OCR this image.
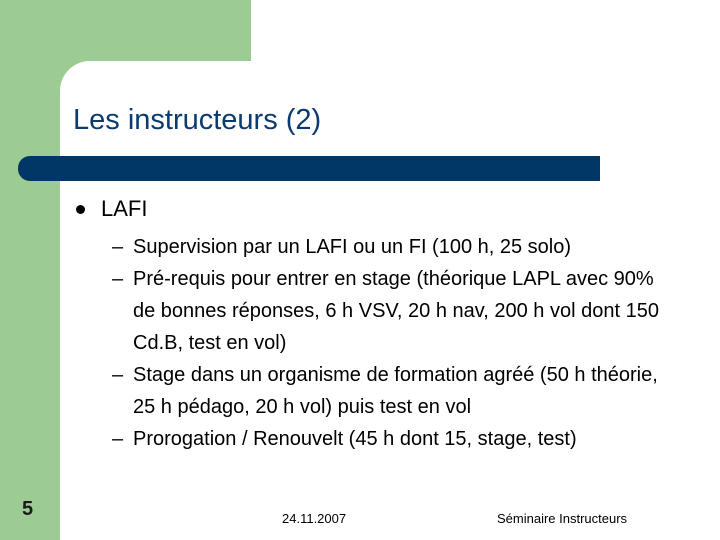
Les instructeurs (2)
LAFI
– Supervision par un LAFI ou un FI (100 h, 25 solo)
– Pré-requis pour entrer en stage (théorique LAPL avec 90% de bonnes réponses, 6 h VSV, 20 h nav, 200 h vol dont 150 Cd.B, test en vol)
– Stage dans un organisme de formation agréé (50 h théorie, 25 h pédago, 20 h vol) puis test en vol
– Prorogation / Renouvelt (45 h dont 15, stage, test)
5	24.11.2007	Séminaire Instructeurs
